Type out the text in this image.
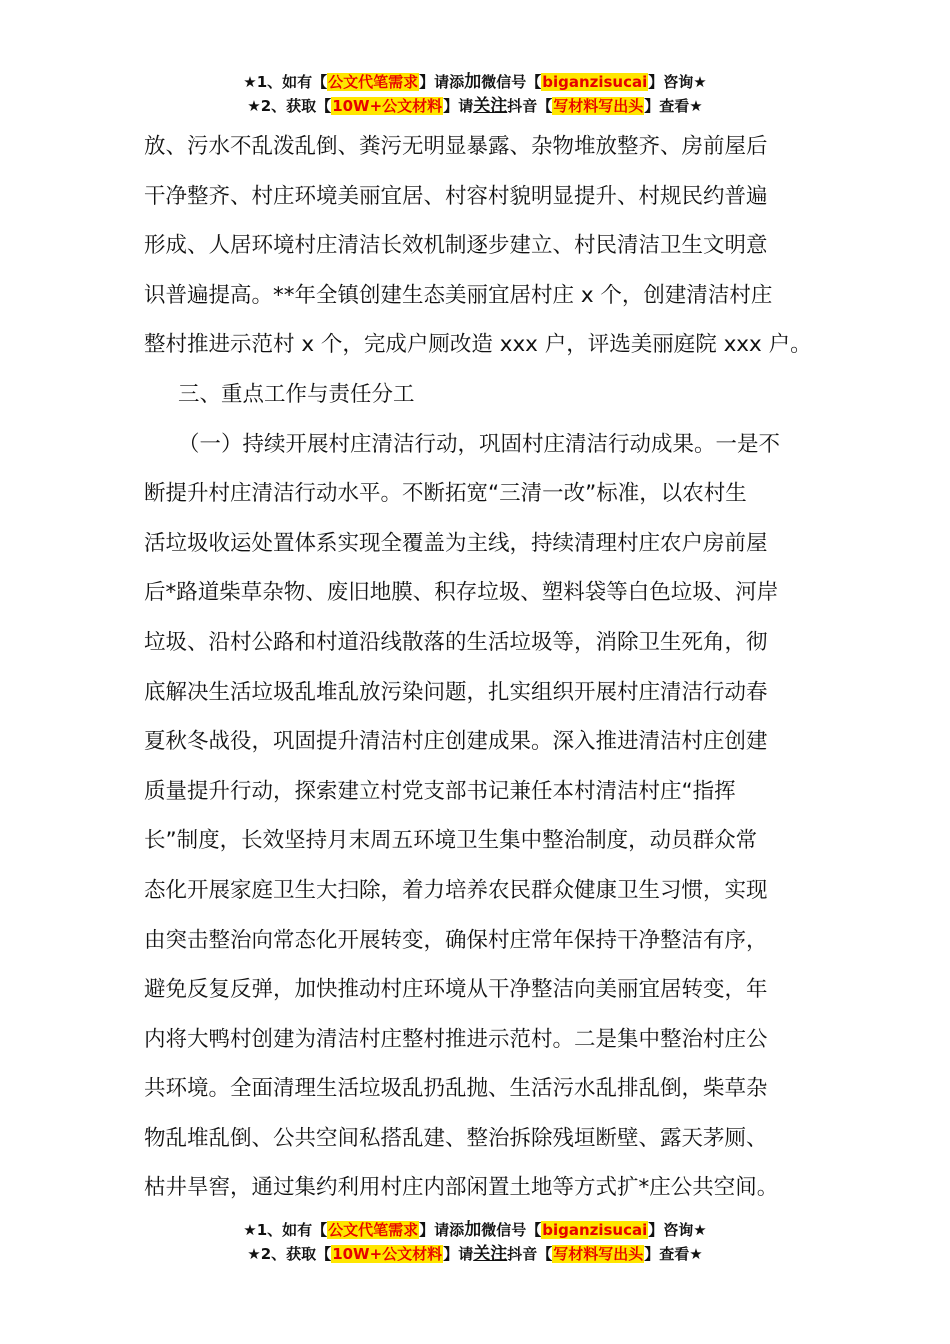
★1、如有【公文代笔需求】请添加微信号【biganzisucai】咨询★
★2、获取【10W+公文材料】请关注抖音【写材料写出头】查看★
放、污水不乱泼乱倒、粪污无明显暴露、杂物堆放整齐、房前屋后
干净整齐、村庄环境美丽宜居、村容村貌明显提升、村规民约普遍
形成、人居环境村庄清洁长效机制逐步建立、村民清洁卫生文明意
识普遍提高。**年全镇创建生态美丽宜居村庄 x 个，创建清洁村庄
整村推进示范村 x 个，完成户厕改造 xxx 户，评选美丽庭院 xxx 户。
三、重点工作与责任分工
（一）持续开展村庄清洁行动，巩固村庄清洁行动成果。一是不
断提升村庄清洁行动水平。不断拓宽“三清一改”标准，以农村生
活垃圾收运处置体系实现全覆盖为主线，持续清理村庄农户房前屋
后*路道柴草杂物、废旧地膜、积存垃圾、塑料袋等白色垃圾、河岸
垃圾、沿村公路和村道沿线散落的生活垃圾等，消除卫生死角，彻
底解决生活垃圾乱堆乱放污染问题，扎实组织开展村庄清洁行动春
夏秋冬战役，巩固提升清洁村庄创建成果。深入推进清洁村庄创建
质量提升行动，探索建立村党支部书记兼任本村清洁村庄“指挥
长”制度，长效坚持月末周五环境卫生集中整治制度，动员群众常
态化开展家庭卫生大扫除，着力培养农民群众健康卫生习惯，实现
由突击整治向常态化开展转变，确保村庄常年保持干净整洁有序，
避免反复反弹，加快推动村庄环境从干净整洁向美丽宜居转变，年
内将大鸭村创建为清洁村庄整村推进示范村。二是集中整治村庄公
共环境。全面清理生活垃圾乱扔乱抛、生活污水乱排乱倒，柴草杂
物乱堆乱倒、公共空间私搭乱建、整治拆除残垣断壁、露天茅厕、
枯井旱窖，通过集约利用村庄内部闲置土地等方式扩*庄公共空间。
★1、如有【公文代笔需求】请添加微信号【biganzisucai】咨询★
★2、获取【10W+公文材料】请关注抖音【写材料写出头】查看★
